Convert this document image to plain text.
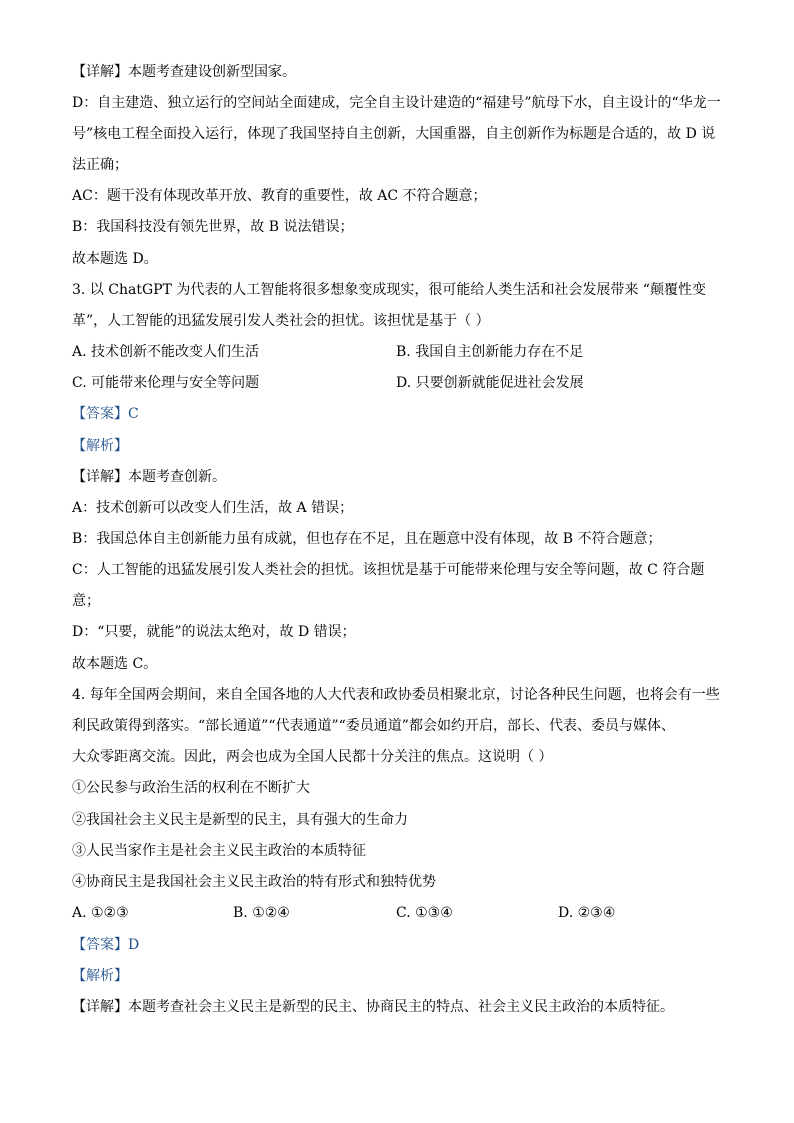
【详解】本题考查建设创新型国家。
D：自主建造、独立运行的空间站全面建成，完全自主设计建造的“福建号”航母下水，自主设计的“华龙一
号”核电工程全面投入运行，体现了我国坚持自主创新，大国重器，自主创新作为标题是合适的，故 D 说
法正确；
AC：题干没有体现改革开放、教育的重要性，故 AC 不符合题意；
B：我国科技没有领先世界，故 B 说法错误；
故本题选 D。
3. 以 ChatGPT 为代表的人工智能将很多想象变成现实，很可能给人类生活和社会发展带来 “颠覆性变
革”，人工智能的迅猛发展引发人类社会的担忧。该担忧是基于（ ）
A. 技术创新不能改变人们生活	B. 我国自主创新能力存在不足
C. 可能带来伦理与安全等问题	D. 只要创新就能促进社会发展
【答案】C
【解析】
【详解】本题考查创新。
A：技术创新可以改变人们生活，故 A 错误；
B：我国总体自主创新能力虽有成就，但也存在不足，且在题意中没有体现，故 B 不符合题意；
C：人工智能的迅猛发展引发人类社会的担忧。该担忧是基于可能带来伦理与安全等问题，故 C 符合题
意；
D：“只要，就能”的说法太绝对，故 D 错误；
故本题选 C。
4. 每年全国两会期间，来自全国各地的人大代表和政协委员相聚北京，讨论各种民生问题，也将会有一些
利民政策得到落实。“部长通道”“代表通道”“委员通道”都会如约开启，部长、代表、委员与媒体、
大众零距离交流。因此，两会也成为全国人民都十分关注的焦点。这说明（ ）
①公民参与政治生活的权利在不断扩大
②我国社会主义民主是新型的民主，具有强大的生命力
③人民当家作主是社会主义民主政治的本质特征
④协商民主是我国社会主义民主政治的特有形式和独特优势
A. ①②③	B. ①②④	C. ①③④	D. ②③④
【答案】D
【解析】
【详解】本题考查社会主义民主是新型的民主、协商民主的特点、社会主义民主政治的本质特征。
